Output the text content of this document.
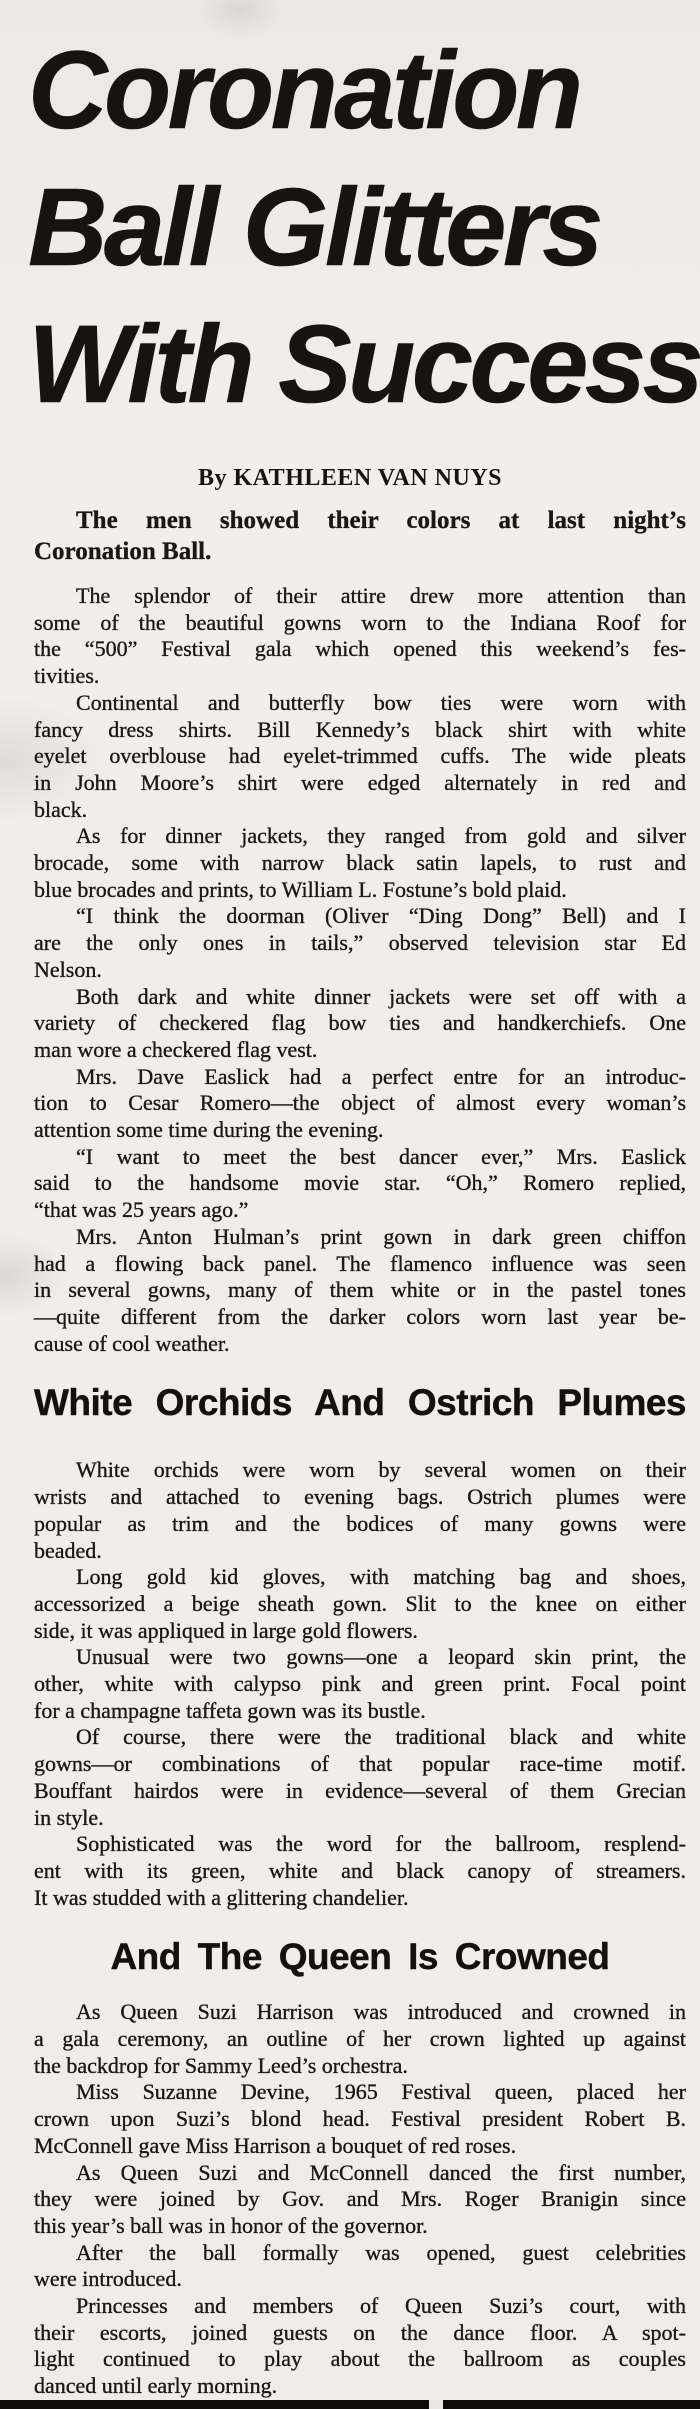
Coronation
Ball Glitters
With Success
By KATHLEEN VAN NUYS
The men showed their colors at last night’s
Coronation Ball.

The splendor of their attire drew more attention than
some of the beautiful gowns worn to the Indiana Roof for
the “500” Festival gala which opened this weekend’s fes-
tivities.

Continental and butterfly bow ties were worn with
fancy dress shirts. Bill Kennedy’s black shirt with white
eyelet overblouse had eyelet-trimmed cuffs. The wide pleats
in John Moore’s shirt were edged alternately in red and
black.

As for dinner jackets, they ranged from gold and silver
brocade, some with narrow black satin lapels, to rust and
blue brocades and prints, to William L. Fostune’s bold plaid.

“I think the doorman (Oliver “Ding Dong” Bell) and I
are the only ones in tails,” observed television star Ed
Nelson.

Both dark and white dinner jackets were set off with a
variety of checkered flag bow ties and handkerchiefs. One
man wore a checkered flag vest.

Mrs. Dave Easlick had a perfect entre for an introduc-
tion to Cesar Romero—the object of almost every woman’s
attention some time during the evening.

“I want to meet the best dancer ever,” Mrs. Easlick
said to the handsome movie star. “Oh,” Romero replied,
“that was 25 years ago.”

Mrs. Anton Hulman’s print gown in dark green chiffon
had a flowing back panel. The flamenco influence was seen
in several gowns, many of them white or in the pastel tones
—quite different from the darker colors worn last year be-
cause of cool weather.

White Orchids And Ostrich Plumes

White orchids were worn by several women on their
wrists and attached to evening bags. Ostrich plumes were
popular as trim and the bodices of many gowns were
beaded.

Long gold kid gloves, with matching bag and shoes,
accessorized a beige sheath gown. Slit to the knee on either
side, it was appliqued in large gold flowers.

Unusual were two gowns—one a leopard skin print, the
other, white with calypso pink and green print. Focal point
for a champagne taffeta gown was its bustle.

Of course, there were the traditional black and white
gowns—or combinations of that popular race-time motif.
Bouffant hairdos were in evidence—several of them Grecian
in style.

Sophisticated was the word for the ballroom, resplend-
ent with its green, white and black canopy of streamers.
It was studded with a glittering chandelier.

And The Queen Is Crowned

As Queen Suzi Harrison was introduced and crowned in
a gala ceremony, an outline of her crown lighted up against
the backdrop for Sammy Leed’s orchestra.

Miss Suzanne Devine, 1965 Festival queen, placed her
crown upon Suzi’s blond head. Festival president Robert B.
McConnell gave Miss Harrison a bouquet of red roses.

As Queen Suzi and McConnell danced the first number,
they were joined by Gov. and Mrs. Roger Branigin since
this year’s ball was in honor of the governor.

After the ball formally was opened, guest celebrities
were introduced.

Princesses and members of Queen Suzi’s court, with
their escorts, joined guests on the dance floor. A spot-
light continued to play about the ballroom as couples
danced until early morning.
